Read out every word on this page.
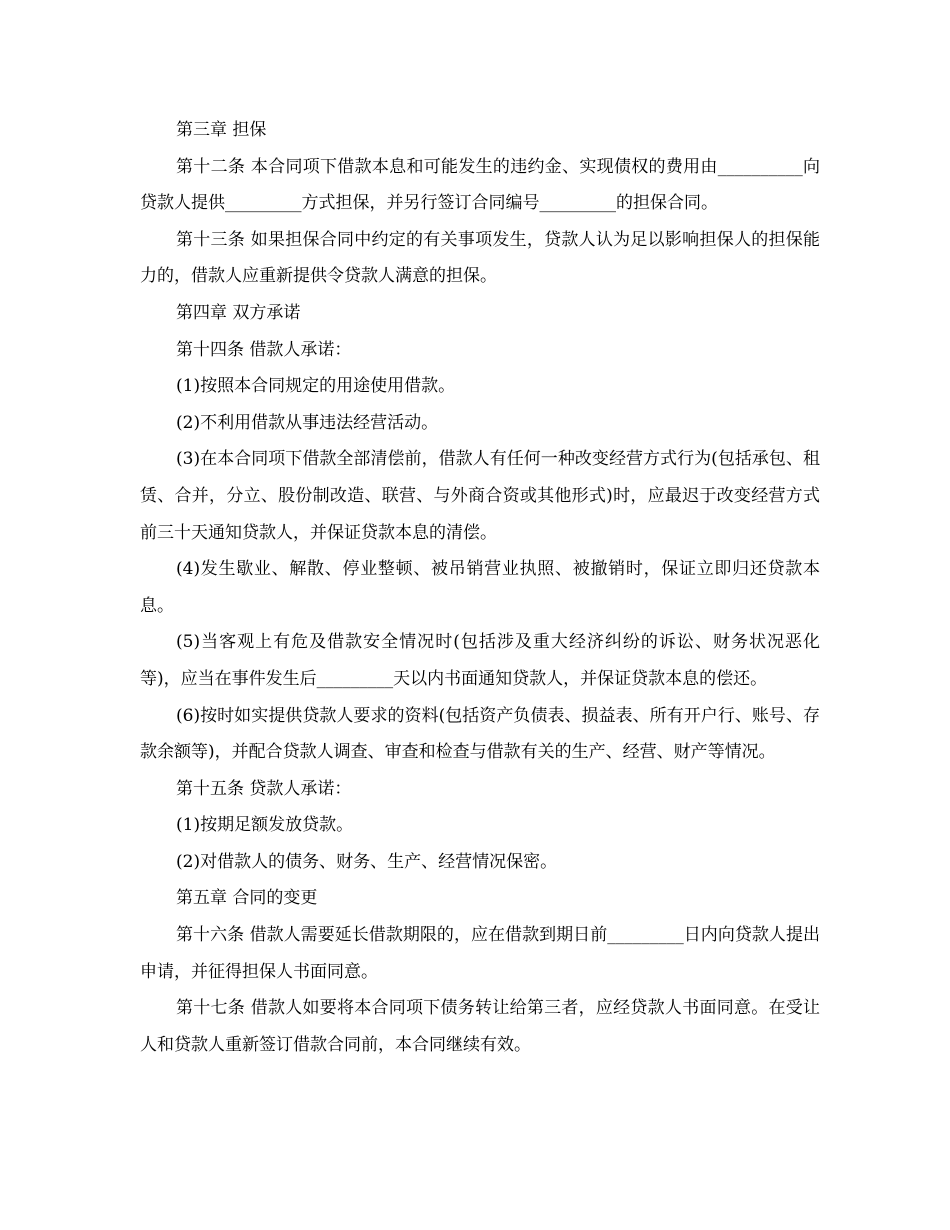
第三章 担保

第十二条 本合同项下借款本息和可能发生的违约金、实现债权的费用由__________向贷款人提供_________方式担保，并另行签订合同编号_________的担保合同。

第十三条 如果担保合同中约定的有关事项发生，贷款人认为足以影响担保人的担保能力的，借款人应重新提供令贷款人满意的担保。

第四章 双方承诺

第十四条 借款人承诺：

(1)按照本合同规定的用途使用借款。

(2)不利用借款从事违法经营活动。

(3)在本合同项下借款全部清偿前，借款人有任何一种改变经营方式行为(包括承包、租赁、合并，分立、股份制改造、联营、与外商合资或其他形式)时，应最迟于改变经营方式前三十天通知贷款人，并保证贷款本息的清偿。

(4)发生歇业、解散、停业整顿、被吊销营业执照、被撤销时，保证立即归还贷款本息。

(5)当客观上有危及借款安全情况时(包括涉及重大经济纠纷的诉讼、财务状况恶化等)，应当在事件发生后_________天以内书面通知贷款人，并保证贷款本息的偿还。

(6)按时如实提供贷款人要求的资料(包括资产负债表、损益表、所有开户行、账号、存款余额等)，并配合贷款人调查、审查和检查与借款有关的生产、经营、财产等情况。

第十五条 贷款人承诺：

(1)按期足额发放贷款。

(2)对借款人的债务、财务、生产、经营情况保密。

第五章 合同的变更

第十六条 借款人需要延长借款期限的，应在借款到期日前_________日内向贷款人提出申请，并征得担保人书面同意。

第十七条 借款人如要将本合同项下债务转让给第三者，应经贷款人书面同意。在受让人和贷款人重新签订借款合同前，本合同继续有效。
